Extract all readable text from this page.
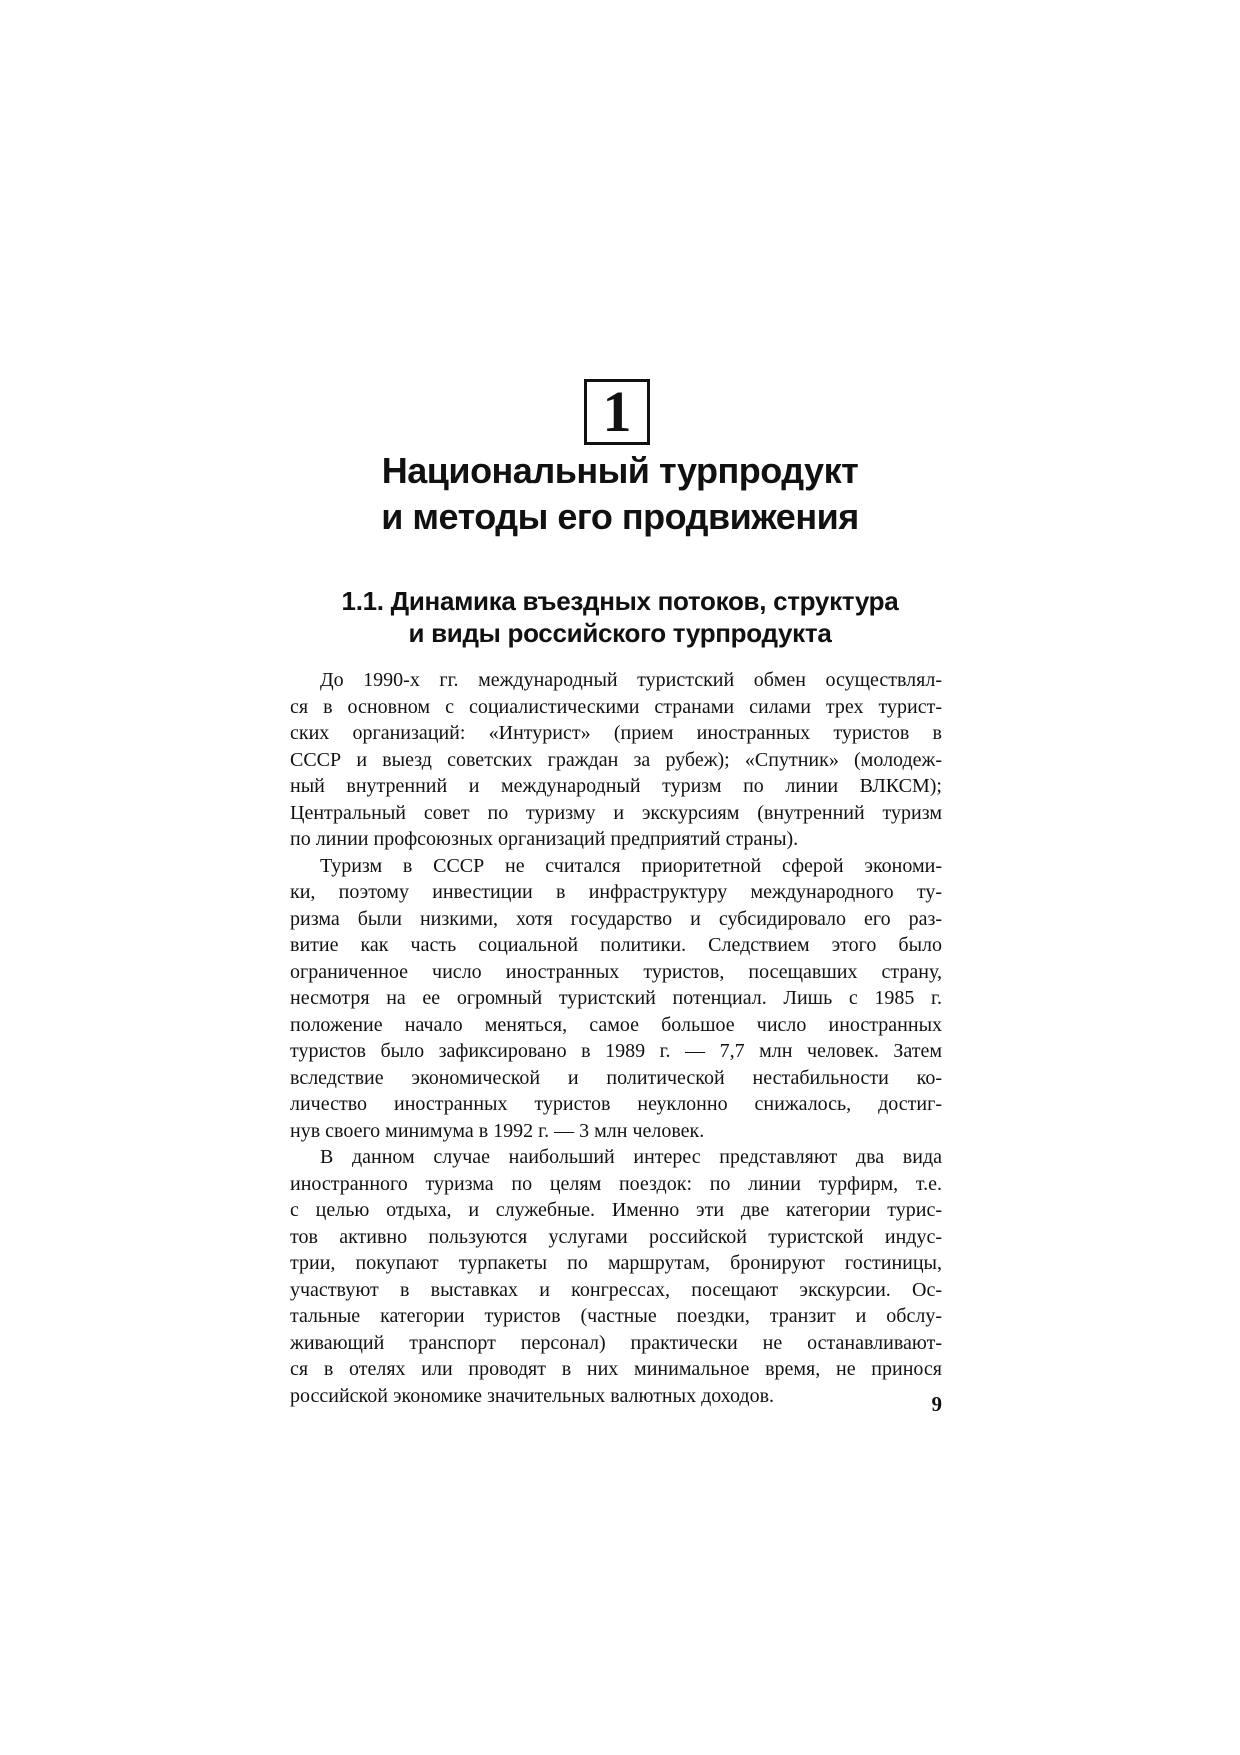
1
Национальный турпродукт
и методы его продвижения
1.1. Динамика въездных потоков, структура
и виды российского турпродукта

До 1990-х гг. международный туристский обмен осуществлял-
ся в основном с социалистическими странами силами трех турист-
ских организаций: «Интурист» (прием иностранных туристов в
СССР и выезд советских граждан за рубеж); «Спутник» (молодеж-
ный внутренний и международный туризм по линии ВЛКСМ);
Центральный совет по туризму и экскурсиям (внутренний туризм
по линии профсоюзных организаций предприятий страны).

Туризм в СССР не считался приоритетной сферой экономи-
ки, поэтому инвестиции в инфраструктуру международного ту-
ризма были низкими, хотя государство и субсидировало его раз-
витие как часть социальной политики. Следствием этого было
ограниченное число иностранных туристов, посещавших страну,
несмотря на ее огромный туристский потенциал. Лишь с 1985 г.
положение начало меняться, самое большое число иностранных
туристов было зафиксировано в 1989 г. — 7,7 млн человек. Затем
вследствие экономической и политической нестабильности ко-
личество иностранных туристов неуклонно снижалось, достиг-
нув своего минимума в 1992 г. — 3 млн человек.

В данном случае наибольший интерес представляют два вида
иностранного туризма по целям поездок: по линии турфирм, т.е.
с целью отдыха, и служебные. Именно эти две категории турис-
тов активно пользуются услугами российской туристской индус-
трии, покупают турпакеты по маршрутам, бронируют гостиницы,
участвуют в выставках и конгрессах, посещают экскурсии. Ос-
тальные категории туристов (частные поездки, транзит и обслу-
живающий транспорт персонал) практически не останавливают-
ся в отелях или проводят в них минимальное время, не принося
российской экономике значительных валютных доходов.	9
